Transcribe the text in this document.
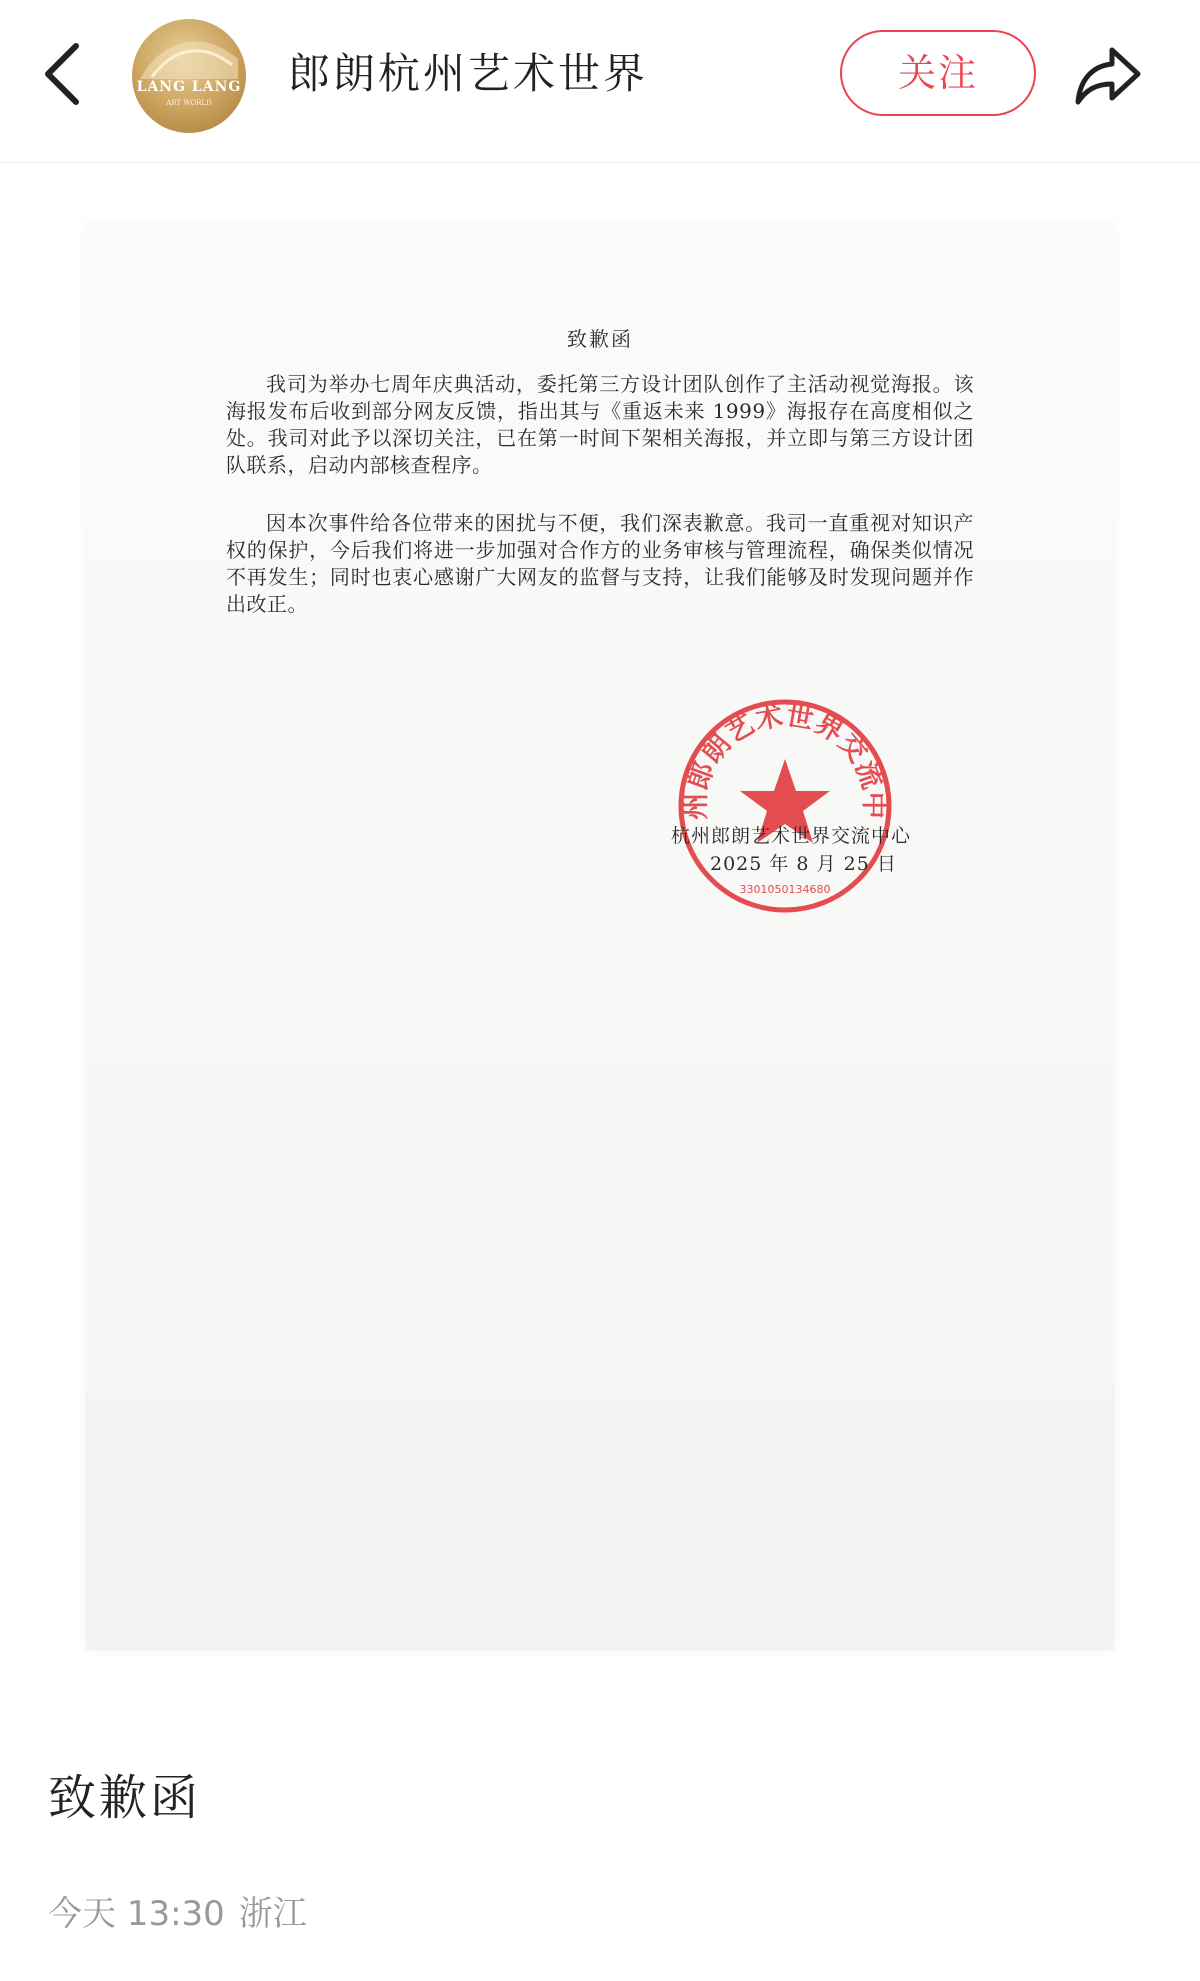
LANG LANG
ART WORLD
郎朗杭州艺术世界	关注
致歉函
我司为举办七周年庆典活动，委托第三方设计团队创作了主活动视觉海报。该海报发布后收到部分网友反馈，指出其与《重返未来 1999》海报存在高度相似之处。我司对此予以深切关注，已在第一时间下架相关海报，并立即与第三方设计团队联系，启动内部核查程序。
因本次事件给各位带来的困扰与不便，我们深表歉意。我司一直重视对知识产权的保护，今后我们将进一步加强对合作方的业务审核与管理流程，确保类似情况不再发生；同时也衷心感谢广大网友的监督与支持，让我们能够及时发现问题并作出改正。
州郎朗艺术世界交流中
3301050134680
杭州郎朗艺术世界交流中心
2025 年 8 月 25 日
致歉函
今天 13:30 浙江
